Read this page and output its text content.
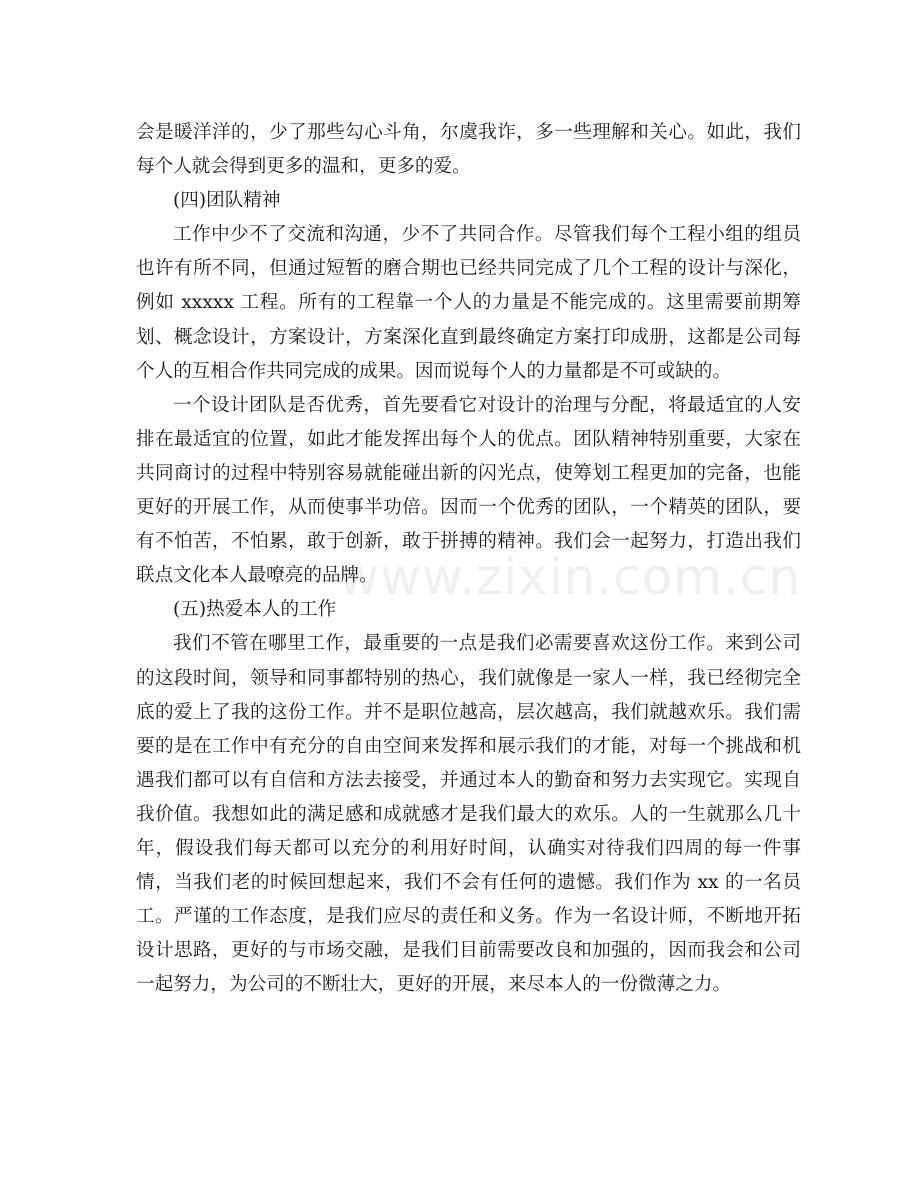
www.zixin.com.cn
会是暖洋洋的，少了那些勾心斗角，尔虞我诈，多一些理解和关心。如此，我们
每个人就会得到更多的温和，更多的爱。
(四)团队精神
工作中少不了交流和沟通，少不了共同合作。尽管我们每个工程小组的组员
也许有所不同，但通过短暂的磨合期也已经共同完成了几个工程的设计与深化，
例如 xxxxx 工程。所有的工程靠一个人的力量是不能完成的。这里需要前期筹
划、概念设计，方案设计，方案深化直到最终确定方案打印成册，这都是公司每
个人的互相合作共同完成的成果。因而说每个人的力量都是不可或缺的。
一个设计团队是否优秀，首先要看它对设计的治理与分配，将最适宜的人安
排在最适宜的位置，如此才能发挥出每个人的优点。团队精神特别重要，大家在
共同商讨的过程中特别容易就能碰出新的闪光点，使筹划工程更加的完备，也能
更好的开展工作，从而使事半功倍。因而一个优秀的团队，一个精英的团队，要
有不怕苦，不怕累，敢于创新，敢于拼搏的精神。我们会一起努力，打造出我们
联点文化本人最嘹亮的品牌。
(五)热爱本人的工作
我们不管在哪里工作，最重要的一点是我们必需要喜欢这份工作。来到公司
的这段时间，领导和同事都特别的热心，我们就像是一家人一样，我已经彻完全
底的爱上了我的这份工作。并不是职位越高，层次越高，我们就越欢乐。我们需
要的是在工作中有充分的自由空间来发挥和展示我们的才能，对每一个挑战和机
遇我们都可以有自信和方法去接受，并通过本人的勤奋和努力去实现它。实现自
我价值。我想如此的满足感和成就感才是我们最大的欢乐。人的一生就那么几十
年，假设我们每天都可以充分的利用好时间，认确实对待我们四周的每一件事
情，当我们老的时候回想起来，我们不会有任何的遗憾。我们作为 xx 的一名员
工。严谨的工作态度，是我们应尽的责任和义务。作为一名设计师，不断地开拓
设计思路，更好的与市场交融，是我们目前需要改良和加强的，因而我会和公司
一起努力，为公司的不断壮大，更好的开展，来尽本人的一份微薄之力。
